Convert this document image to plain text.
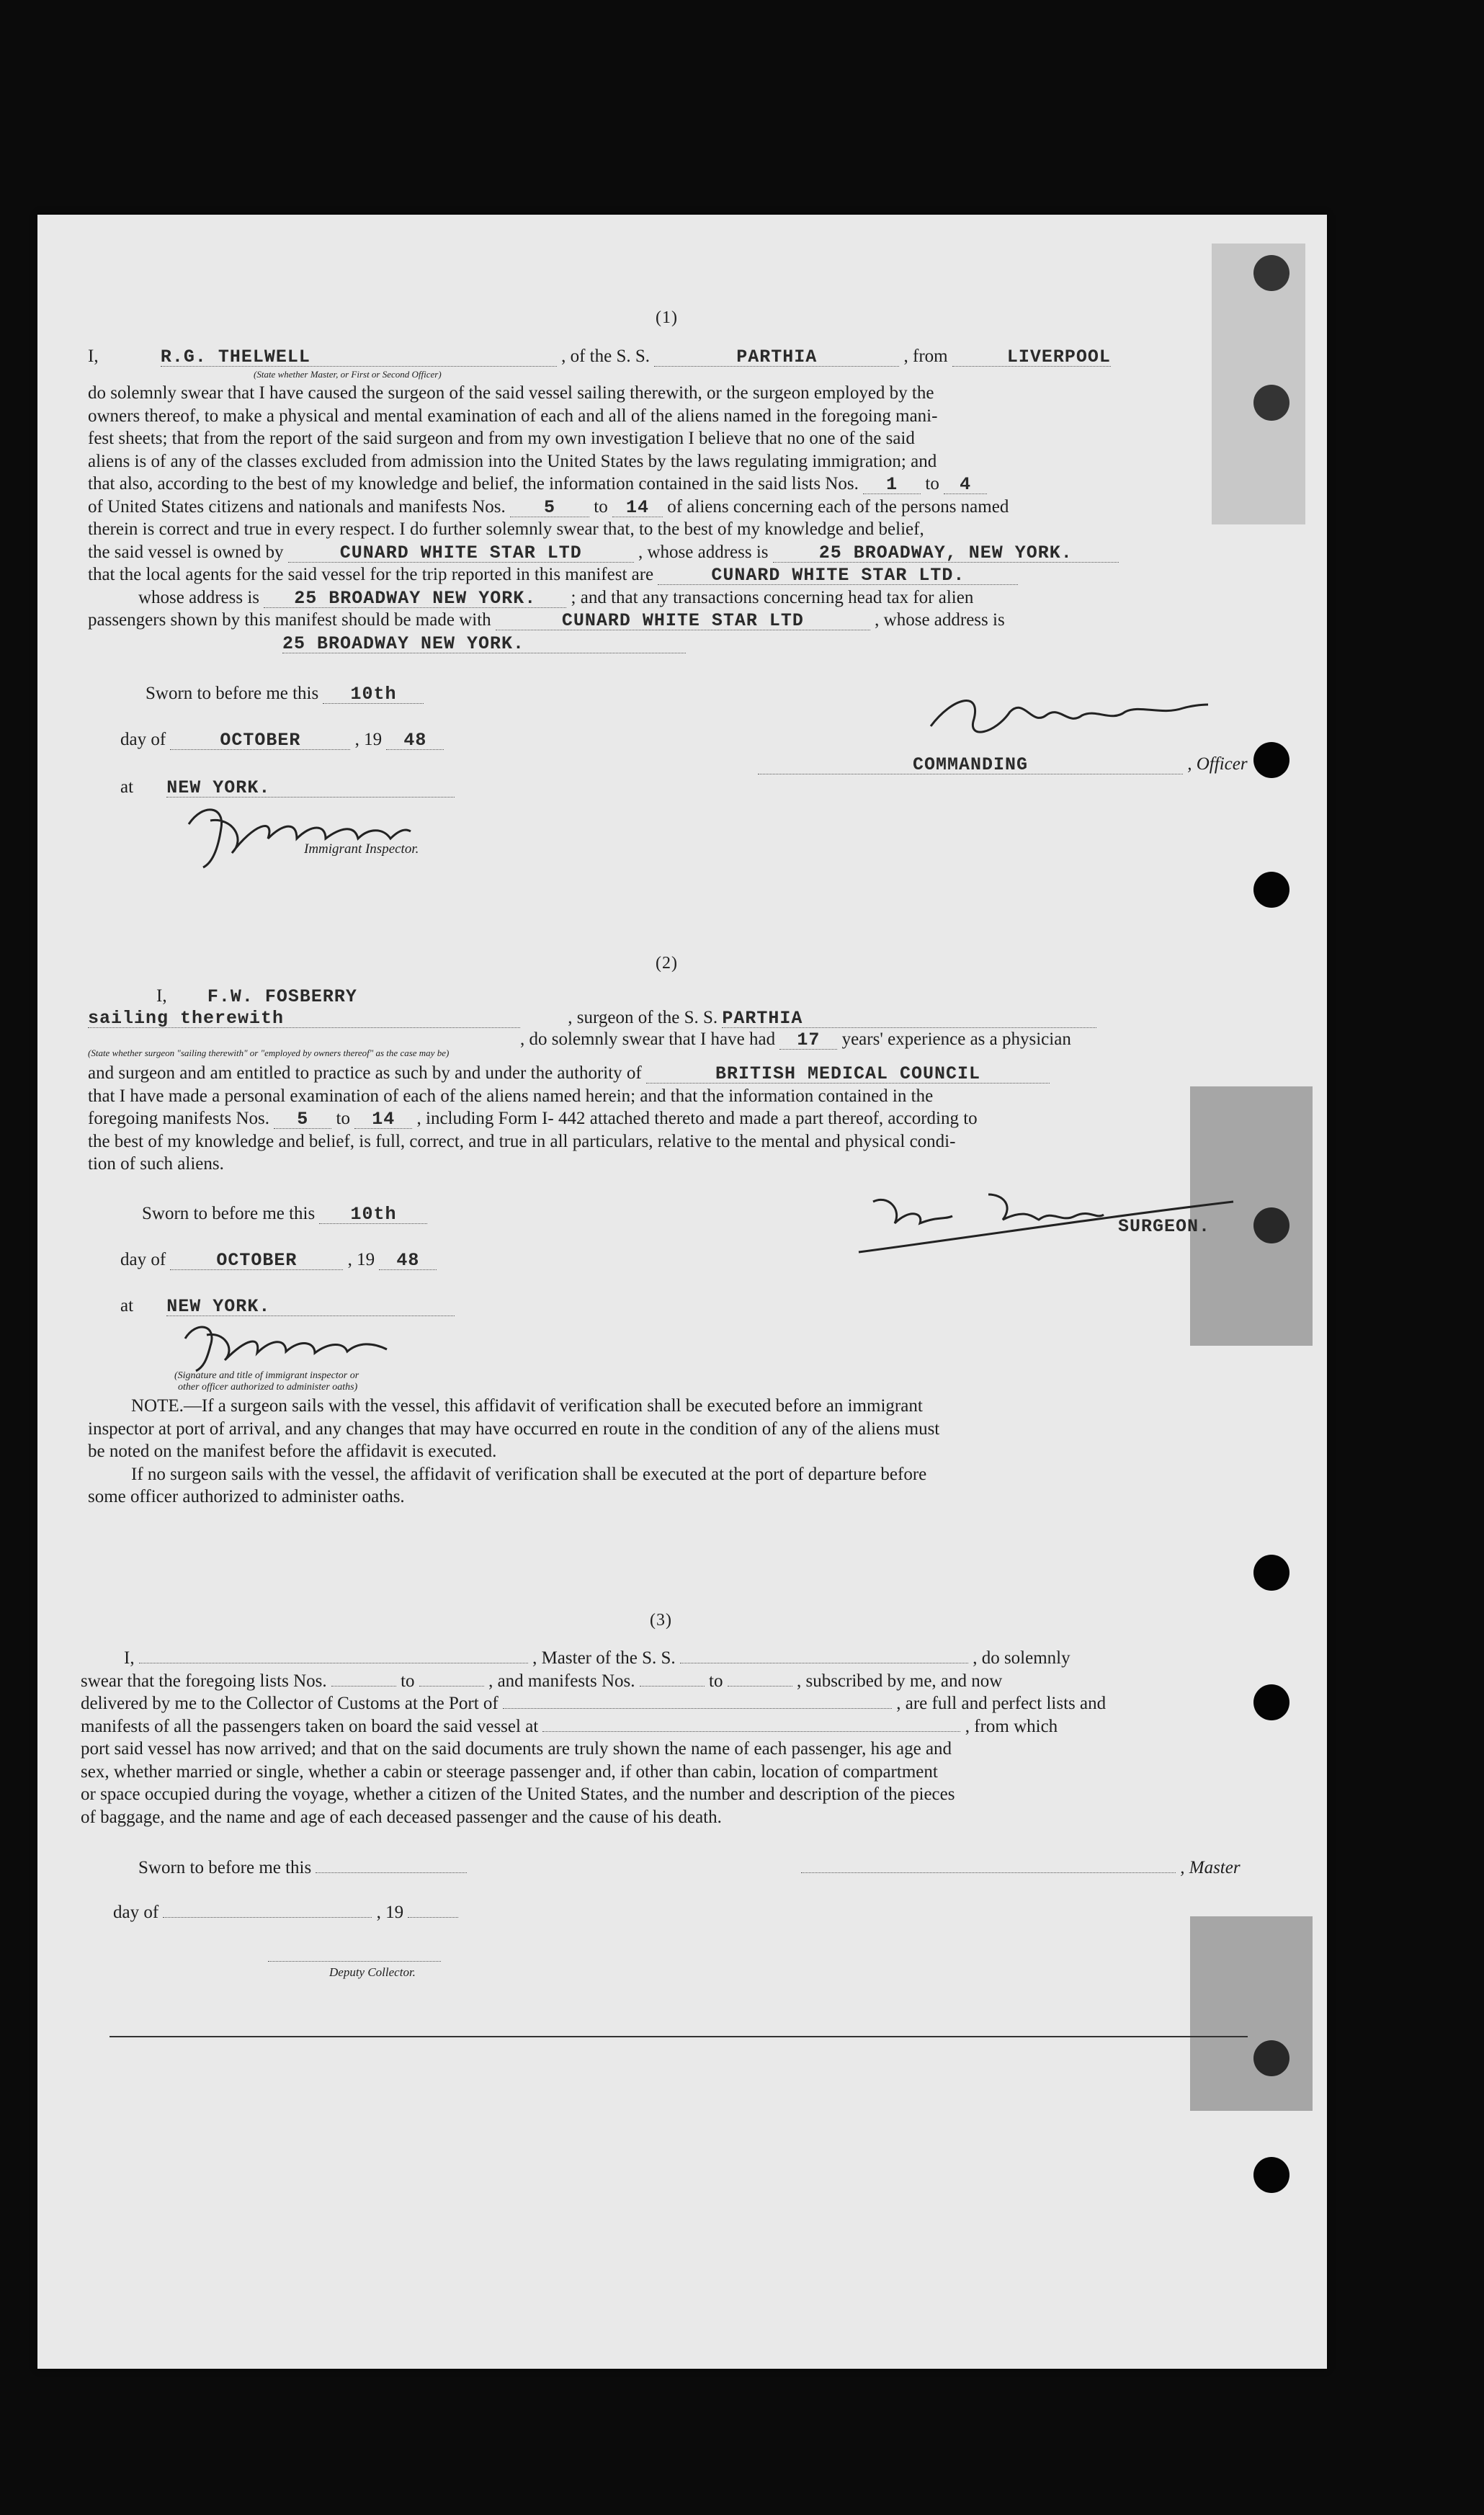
(1)
I,	R.G. THELWELL	, of the S. S.	PARTHIA	, from	LIVERPOOL
(State whether Master, or First or Second Officer)

do solemnly swear that I have caused the surgeon of the said vessel sailing therewith, or the surgeon employed by the

owners thereof, to make a physical and mental examination of each and all of the aliens named in the foregoing mani-

fest sheets; that from the report of the said surgeon and from my own investigation I believe that no one of the said

aliens is of any of the classes excluded from admission into the United States by the laws regulating immigration; and

that also, according to the best of my knowledge and belief, the information contained in the said lists Nos. 1 to 4

of United States citizens and nationals and manifests Nos. 5 to 14 of aliens concerning each of the persons named

therein is correct and true in every respect. I do further solemnly swear that, to the best of my knowledge and belief,

the said vessel is owned by	CUNARD WHITE STAR LTD	, whose address is	25 BROADWAY, NEW YORK.

that the local agents for the said vessel for the trip reported in this manifest are	CUNARD WHITE STAR LTD.

whose address is 25 BROADWAY NEW YORK. ; and that any transactions concerning head tax for alien

passengers shown by this manifest should be made with	CUNARD WHITE STAR LTD	, whose address is

25 BROADWAY NEW YORK.

Sworn to before me this 10th
day of	OCTOBER	, 19 48
at NEW YORK.
Immigrant Inspector.
COMMANDING	, Officer
(2)
I, F.W. FOSBERRY
sailing therewith	, surgeon of the S. S. PARTHIA
, do solemnly swear that I have had 17 years' experience as a physician
(State whether surgeon "sailing therewith" or "employed by owners thereof" as the case may be)

and surgeon and am entitled to practice as such by and under the authority of	BRITISH MEDICAL COUNCIL

that I have made a personal examination of each of the aliens named herein; and that the information contained in the

foregoing manifests Nos. 5 to 14 , including Form I- 442 attached thereto and made a part thereof, according to

the best of my knowledge and belief, is full, correct, and true in all particulars, relative to the mental and physical condi-

tion of such aliens.

Sworn to before me this 10th
day of	OCTOBER	, 19 48
at NEW YORK.
SURGEON.
(Signature and title of immigrant inspector or
other officer authorized to administer oaths)

NOTE.—If a surgeon sails with the vessel, this affidavit of verification shall be executed before an immigrant

inspector at port of arrival, and any changes that may have occurred en route in the condition of any of the aliens must

be noted on the manifest before the affidavit is executed.

If no surgeon sails with the vessel, the affidavit of verification shall be executed at the port of departure before

some officer authorized to administer oaths.

(3)

I,	, Master of the S. S.	, do solemnly

swear that the foregoing lists Nos.	to	, and manifests Nos.	to	, subscribed by me, and now

delivered by me to the Collector of Customs at the Port of	, are full and perfect lists and

manifests of all the passengers taken on board the said vessel at	, from which

port said vessel has now arrived; and that on the said documents are truly shown the name of each passenger, his age and

sex, whether married or single, whether a cabin or steerage passenger and, if other than cabin, location of compartment

or space occupied during the voyage, whether a citizen of the United States, and the number and description of the pieces

of baggage, and the name and age of each deceased passenger and the cause of his death.

Sworn to before me this	, Master
day of	, 19
Deputy Collector.
